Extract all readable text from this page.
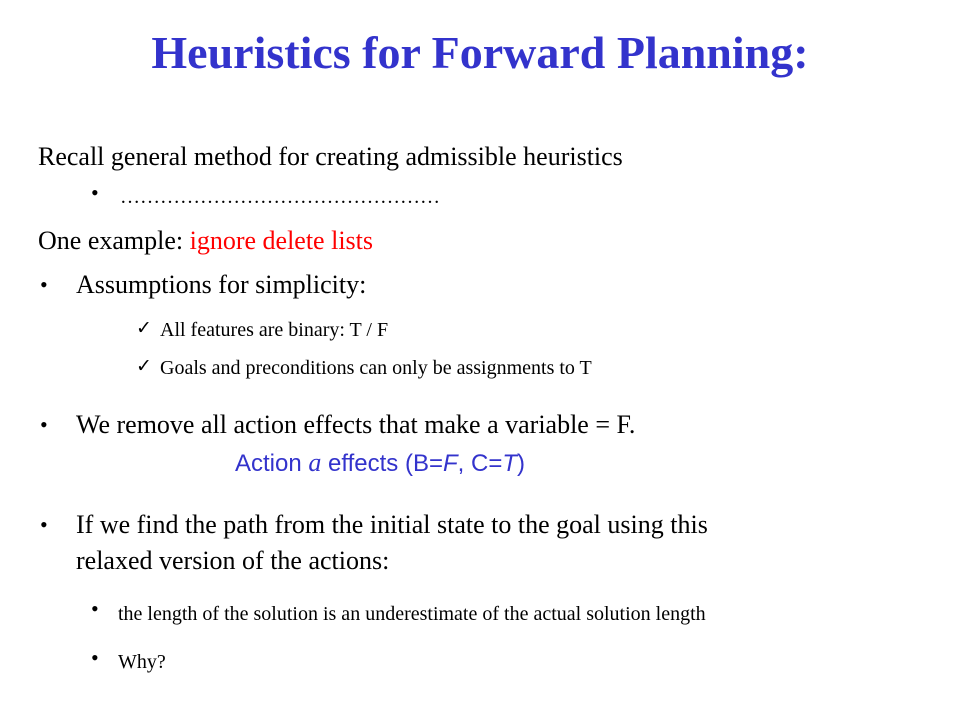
Heuristics for Forward Planning:
Recall general method for creating admissible heuristics
• …………………………………………
One example: ignore delete lists
• Assumptions for simplicity:
✓ All features are binary: T / F
✓ Goals and preconditions can only be assignments to T
• We remove all action effects that make a variable = F.
Action a effects (B=F, C=T)
• If we find the path from the initial state to the goal using this
relaxed version of the actions:
• the length of the solution is an underestimate of the actual solution length
• Why?
